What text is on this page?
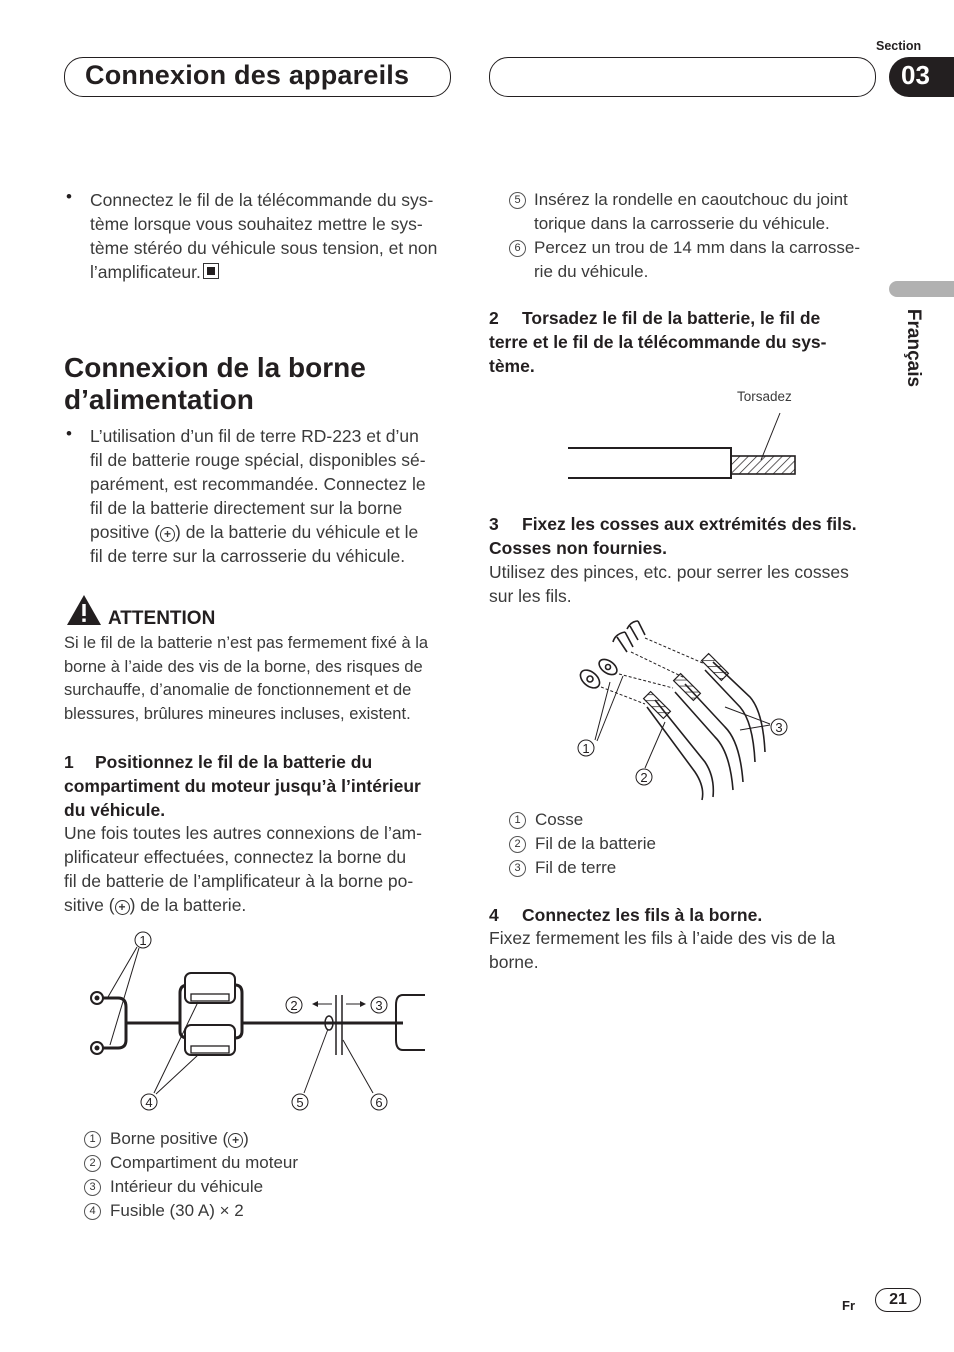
Connexion des appareils
Section
03
Français
• Connectez le fil de la télécommande du sys-
tème lorsque vous souhaitez mettre le sys-
tème stéréo du véhicule sous tension, et non
l’amplificateur.
Connexion de la borne
d’alimentation
• L’utilisation d’un fil de terre RD-223 et d’un
fil de batterie rouge spécial, disponibles sé-
parément, est recommandée. Connectez le
fil de la batterie directement sur la borne
positive ( + ) de la batterie du véhicule et le
fil de terre sur la carrosserie du véhicule.
ATTENTION
Si le fil de la batterie n’est pas fermement fixé à la
borne à l’aide des vis de la borne, des risques de
surchauffe, d’anomalie de fonctionnement et de
blessures, brûlures mineures incluses, existent.
1	Positionnez le fil de la batterie du
compartiment du moteur jusqu’à l’intérieur
du véhicule.
Une fois toutes les autres connexions de l’am-
plificateur effectuées, connectez la borne du
fil de batterie de l’amplificateur à la borne po-
sitive ( + ) de la batterie.
1
2	3
4	5	6
1 Borne positive ( + )
2 Compartiment du moteur
3 Intérieur du véhicule
4 Fusible (30 A) × 2
5 Insérez la rondelle en caoutchouc du joint
torique dans la carrosserie du véhicule.
6 Percez un trou de 14 mm dans la carrosse-
rie du véhicule.
2	Torsadez le fil de la batterie, le fil de
terre et le fil de la télécommande du sys-
tème.
Torsadez
3	Fixez les cosses aux extrémités des fils.
Cosses non fournies.
Utilisez des pinces, etc. pour serrer les cosses
sur les fils.
1
2
3
1 Cosse
2 Fil de la batterie
3 Fil de terre
4 Connectez les fils à la borne.
Fixez fermement les fils à l’aide des vis de la
borne.
Fr	21
